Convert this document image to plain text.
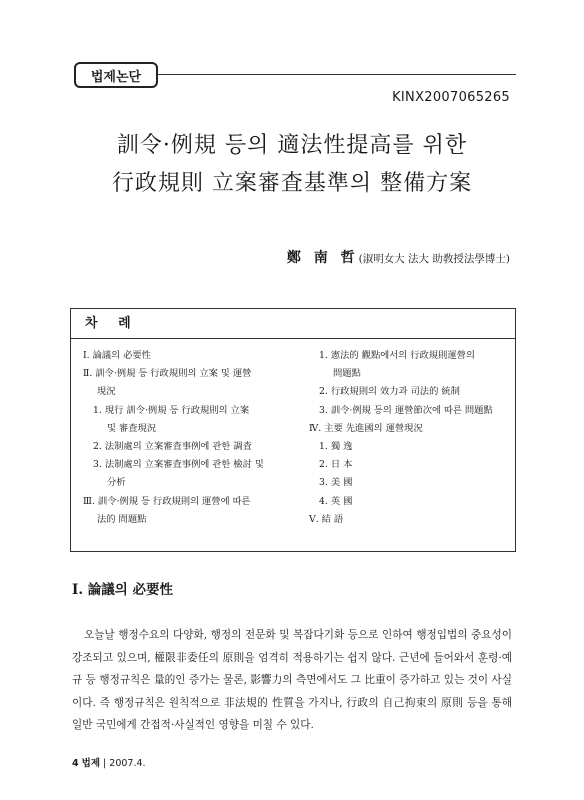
법제논단
KINX2007065265
訓令·例規 등의 適法性提高를 위한
行政規則 立案審査基準의 整備方案
鄭 南 哲(淑明女大 法大 助敎授法學博士)
차 례
Ⅰ. 論議의 必要性
Ⅱ. 訓令·例規 등 行政規則의 立案 및 運營
現況
1. 現行 訓令·例規 등 行政規則의 立案
및 審査現況
2. 法制處의 立案審査事例에 관한 調査
3. 法制處의 立案審査事例에 관한 檢討 및
分析
Ⅲ. 訓令·例規 등 行政規則의 運營에 따른
法的 問題點
1. 憲法的 觀點에서의 行政規則運營의
問題點
2. 行政規則의 效力과 司法的 統制
3. 訓令·例規 등의 運營節次에 따른 問題點
Ⅳ. 主要 先進國의 運營現況
1. 獨 逸
2. 日 本
3. 美 國
4. 英 國
Ⅴ. 結 語
Ⅰ. 論議의 必要性
오늘날 행정수요의 다양화, 행정의 전문화 및 복잡다기화 등으로 인하여 행정입법의 중요성이 강조되고 있으며, 權限非委任의 原則을 엄격히 적용하기는 쉽지 않다. 근년에 들어와서 훈령·예규 등 행정규칙은 量的인 증가는 물론, 影響力의 측면에서도 그 比重이 증가하고 있는 것이 사실이다. 즉 행정규칙은 원칙적으로 非法規的 性質을 가지나, 行政의 自己拘束의 原則 등을 통해 일반 국민에게 간접적·사실적인 영향을 미칠 수 있다.
4 법제 | 2007.4.
